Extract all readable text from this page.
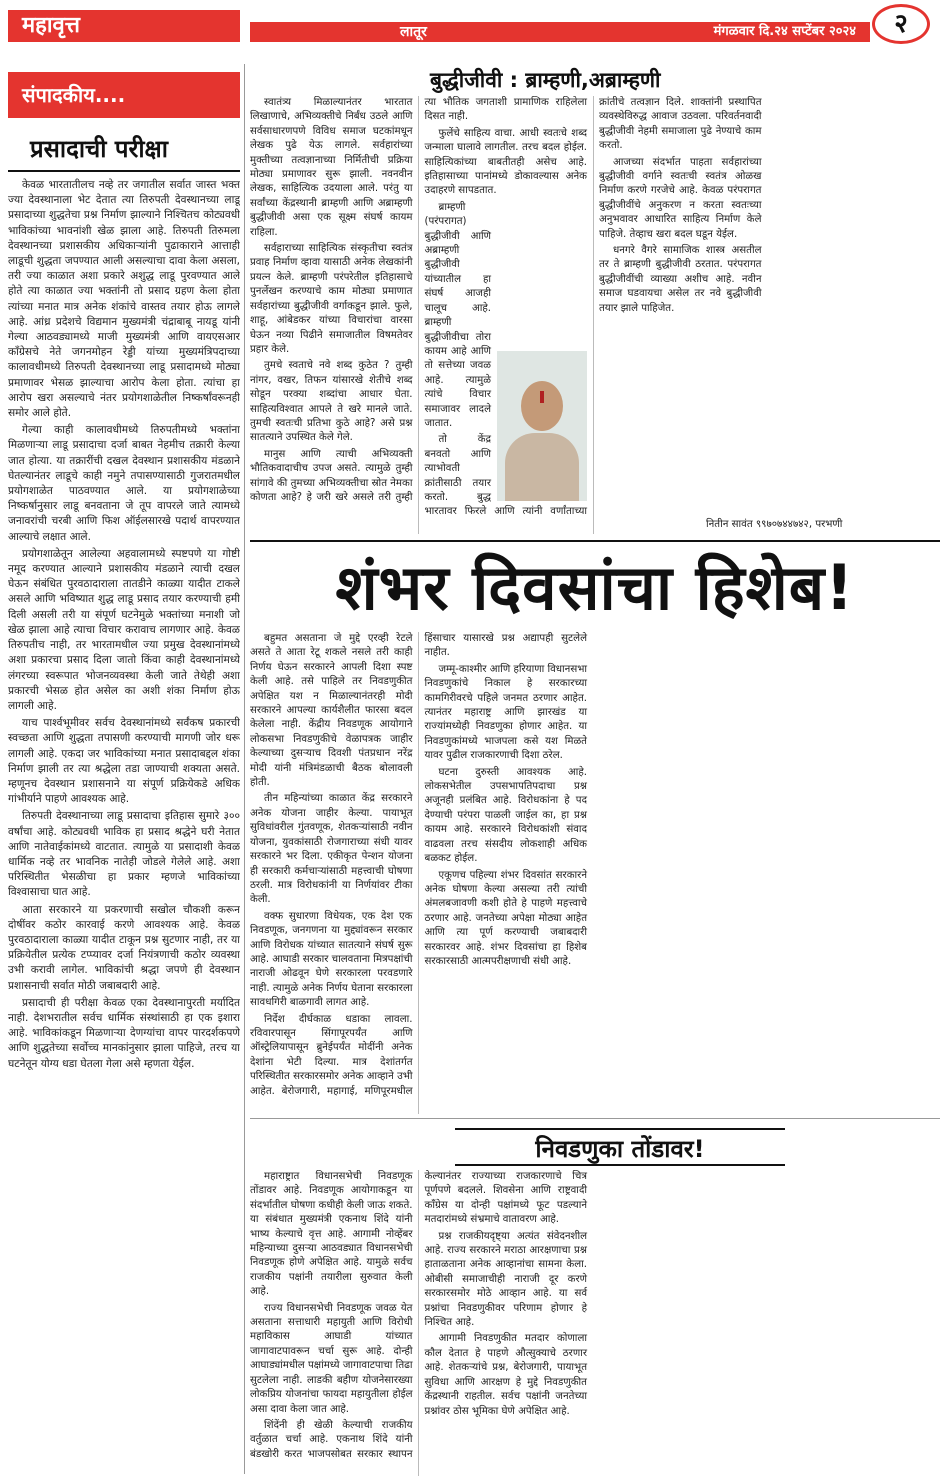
महावृत्त	लातूर	मंगळवार दि.२४ सप्टेंबर २०२४	२
संपादकीय....
प्रसादाची परीक्षा

केवळ भारतातीलच नव्हे तर जगातील सर्वात जास्त भक्त ज्या देवस्थानाला भेट देतात त्या तिरुपती देवस्थानच्या लाडू प्रसादाच्या शुद्धतेचा प्रश्न निर्माण झाल्याने निश्चितच कोट्यवधी भाविकांच्या भावनांशी खेळ झाला आहे. तिरुपती तिरुमला देवस्थानच्या प्रशासकीय अधिकाऱ्यांनी पुढाकाराने आत्ताही लाडूची शुद्धता जपण्यात आली असल्याचा दावा केला असला, तरी ज्या काळात अशा प्रकारे अशुद्ध लाडू पुरवण्यात आले होते त्या काळात ज्या भक्तांनी तो प्रसाद ग्रहण केला होता त्यांच्या मनात मात्र अनेक शंकांचे वास्तव तयार होऊ लागले आहे. आंध्र प्रदेशचे विद्यमान मुख्यमंत्री चंद्राबाबू नायडू यांनी गेल्या आठवड्यामध्ये माजी मुख्यमंत्री आणि वायएसआर काँग्रेसचे नेते जगनमोहन रेड्डी यांच्या मुख्यमंत्रिपदाच्या कालावधीमध्ये तिरुपती देवस्थानच्या लाडू प्रसादामध्ये मोठ्या प्रमाणावर भेसळ झाल्याचा आरोप केला होता. त्यांचा हा आरोप खरा असल्याचे नंतर प्रयोगशाळेतील निष्कर्षांवरूनही समोर आले होते.

गेल्या काही कालावधीमध्ये तिरुपतीमध्ये भक्तांना मिळणाऱ्या लाडू प्रसादाचा दर्जा बाबत नेहमीच तक्रारी केल्या जात होत्या. या तक्रारींची दखल देवस्थान प्रशासकीय मंडळाने घेतल्यानंतर लाडूचे काही नमुने तपासण्यासाठी गुजरातमधील प्रयोगशाळेत पाठवण्यात आले. या प्रयोगशाळेच्या निष्कर्षानुसार लाडू बनवताना जे तूप वापरले जाते त्यामध्ये जनावरांची चरबी आणि फिश ऑईलसारखे पदार्थ वापरण्यात आल्याचे लक्षात आले.

प्रयोगशाळेतून आलेल्या अहवालामध्ये स्पष्टपणे या गोष्टी नमूद करण्यात आल्याने प्रशासकीय मंडळाने त्याची दखल घेऊन संबंधित पुरवठादाराला तातडीने काळ्या यादीत टाकले असले आणि भविष्यात शुद्ध लाडू प्रसाद तयार करण्याची हमी दिली असली तरी या संपूर्ण घटनेमुळे भक्तांच्या मनाशी जो खेळ झाला आहे त्याचा विचार करावाच लागणार आहे. केवळ तिरुपतीच नाही, तर भारतामधील ज्या प्रमुख देवस्थानांमध्ये अशा प्रकारचा प्रसाद दिला जातो किंवा काही देवस्थानांमध्ये लंगरच्या स्वरूपात भोजनव्यवस्था केली जाते तेथेही अशा प्रकारची भेसळ होत असेल का अशी शंका निर्माण होऊ लागली आहे.

याच पार्श्वभूमीवर सर्वच देवस्थानांमध्ये सर्वंकष प्रकारची स्वच्छता आणि शुद्धता तपासणी करण्याची मागणी जोर धरू लागली आहे. एकदा जर भाविकांच्या मनात प्रसादाबद्दल शंका निर्माण झाली तर त्या श्रद्धेला तडा जाण्याची शक्यता असते. म्हणूनच देवस्थान प्रशासनाने या संपूर्ण प्रक्रियेकडे अधिक गांभीर्याने पाहणे आवश्यक आहे.

तिरुपती देवस्थानाच्या लाडू प्रसादाचा इतिहास सुमारे ३०० वर्षांचा आहे. कोट्यवधी भाविक हा प्रसाद श्रद्धेने घरी नेतात आणि नातेवाईकांमध्ये वाटतात. त्यामुळे या प्रसादाशी केवळ धार्मिक नव्हे तर भावनिक नातेही जोडले गेलेले आहे. अशा परिस्थितीत भेसळीचा हा प्रकार म्हणजे भाविकांच्या विश्वासाचा घात आहे.

आता सरकारने या प्रकरणाची सखोल चौकशी करून दोषींवर कठोर कारवाई करणे आवश्यक आहे. केवळ पुरवठादाराला काळ्या यादीत टाकून प्रश्न सुटणार नाही, तर या प्रक्रियेतील प्रत्येक टप्प्यावर दर्जा नियंत्रणाची कठोर व्यवस्था उभी करावी लागेल. भाविकांची श्रद्धा जपणे ही देवस्थान प्रशासनाची सर्वात मोठी जबाबदारी आहे.

प्रसादाची ही परीक्षा केवळ एका देवस्थानापुरती मर्यादित नाही. देशभरातील सर्वच धार्मिक संस्थांसाठी हा एक इशारा आहे. भाविकांकडून मिळणाऱ्या देणग्यांचा वापर पारदर्शकपणे आणि शुद्धतेच्या सर्वोच्च मानकांनुसार झाला पाहिजे, तरच या घटनेतून योग्य धडा घेतला गेला असे म्हणता येईल.

बुद्धीजीवी : ब्राम्हणी,अब्राम्हणी

स्वातंत्र्य मिळाल्यानंतर भारतात लिखाणाचे, अभिव्यक्तीचे निर्बंध उठले आणि सर्वसाधारणपणे विविध समाज घटकांमधून लेखक पुढे येऊ लागले. सर्वहारांच्या मुक्तीच्या तत्वज्ञानाच्या निर्मितीची प्रक्रिया मोठ्या प्रमाणावर सुरू झाली. नवनवीन लेखक, साहित्यिक उदयाला आले. परंतु या सर्वांच्या केंद्रस्थानी ब्राम्हणी आणि अब्राम्हणी बुद्धीजीवी असा एक सूक्ष्म संघर्ष कायम राहिला.

सर्वहाराच्या साहित्यिक संस्कृतीचा स्वतंत्र प्रवाह निर्माण व्हावा यासाठी अनेक लेखकांनी प्रयत्न केले. ब्राम्हणी परंपरेतील इतिहासाचे पुनर्लेखन करण्याचे काम मोठ्या प्रमाणात सर्वहारांच्या बुद्धीजीवी वर्गाकडून झाले. फुले, शाहू, आंबेडकर यांच्या विचारांचा वारसा घेऊन नव्या पिढीने समाजातील विषमतेवर प्रहार केले.

तुमचे स्वताचे नवे शब्द कुठेत ? तुम्ही नांगर, वखर, तिफन यांसारखे शेतीचे शब्द सोडून परक्या शब्दांचा आधार घेता. साहित्यविश्वात आपले ते खरे मानले जाते. तुमची स्वतःची प्रतिभा कुठे आहे? असे प्रश्न सातत्याने उपस्थित केले गेले.

मानुस आणि त्याची अभिव्यक्ती भौतिकवादाचीच उपज असते. त्यामुळे तुम्ही सांगावे की तुमच्या अभिव्यक्तीचा स्रोत नेमका कोणता आहे? हे जरी खरे असले तरी तुम्ही त्या भौतिक जगताशी प्रामाणिक राहिलेला दिसत नाही.

फुलेंचे साहित्य वाचा. आधी स्वतःचे शब्द जन्माला घालावे लागतील. तरच बदल होईल. साहित्यिकांच्या बाबतीतही असेच आहे. इतिहासाच्या पानांमध्ये डोकावल्यास अनेक उदाहरणे सापडतात.

ब्राम्हणी (परंपरागत) बुद्धीजीवी आणि अब्राम्हणी बुद्धीजीवी यांच्यातील हा संघर्ष आजही चालूच आहे. ब्राम्हणी बुद्धीजीवीचा तोरा कायम आहे आणि तो सत्तेच्या जवळ आहे. त्यामुळे त्यांचे विचार समाजावर लादले जातात.

तो केंद्र बनवतो आणि त्याभोवती क्रांतीसाठी तयार करतो. बुद्ध भारतावर फिरले आणि त्यांनी वर्णांताच्या क्रांतीचे तत्वज्ञान दिले. शाक्तांनी प्रस्थापित व्यवस्थेविरुद्ध आवाज उठवला. परिवर्तनवादी बुद्धीजीवी नेहमी समाजाला पुढे नेण्याचे काम करतो.

आजच्या संदर्भात पाहता सर्वहारांच्या बुद्धीजीवी वर्गाने स्वतःची स्वतंत्र ओळख निर्माण करणे गरजेचे आहे. केवळ परंपरागत बुद्धीजीवींचे अनुकरण न करता स्वतःच्या अनुभवावर आधारित साहित्य निर्माण केले पाहिजे. तेव्हाच खरा बदल घडून येईल.

धनगरे वैगरे सामाजिक शास्त्र असतील तर ते ब्राम्हणी बुद्धीजीवी ठरतात. परंपरागत बुद्धीजीवींची व्याख्या अशीच आहे. नवीन समाज घडवायचा असेल तर नवे बुद्धीजीवी तयार झाले पाहिजेत.

नितीन सावंत ९९७०७४४७४२, परभणी
शंभर दिवसांचा हिशेब!

बहुमत असताना जे मुद्दे एरव्ही रेटले असते ते आता रेटू शकले नसले तरी काही निर्णय घेऊन सरकारने आपली दिशा स्पष्ट केली आहे. तसे पाहिले तर निवडणुकीत अपेक्षित यश न मिळाल्यानंतरही मोदी सरकारने आपल्या कार्यशैलीत फारसा बदल केलेला नाही. केंद्रीय निवडणूक आयोगाने लोकसभा निवडणुकीचे वेळापत्रक जाहीर केल्याच्या दुसऱ्याच दिवशी पंतप्रधान नरेंद्र मोदी यांनी मंत्रिमंडळाची बैठक बोलावली होती.

तीन महिन्यांच्या काळात केंद्र सरकारने अनेक योजना जाहीर केल्या. पायाभूत सुविधांवरील गुंतवणूक, शेतकऱ्यांसाठी नवीन योजना, युवकांसाठी रोजगाराच्या संधी यावर सरकारने भर दिला. एकीकृत पेन्शन योजना ही सरकारी कर्मचाऱ्यांसाठी महत्त्वाची घोषणा ठरली. मात्र विरोधकांनी या निर्णयांवर टीका केली.

वक्फ सुधारणा विधेयक, एक देश एक निवडणूक, जनगणना या मुद्द्यांवरून सरकार आणि विरोधक यांच्यात सातत्याने संघर्ष सुरू आहे. आघाडी सरकार चालवताना मित्रपक्षांची नाराजी ओढवून घेणे सरकारला परवडणारे नाही. त्यामुळे अनेक निर्णय घेताना सरकारला सावधगिरी बाळगावी लागत आहे.

निर्देश दीर्घकाळ धडाका लावला. रविवारपासून सिंगापूरपर्यंत आणि ऑस्ट्रेलियापासून ब्रुनेईपर्यंत मोदींनी अनेक देशांना भेटी दिल्या. मात्र देशांतर्गत परिस्थितीत सरकारसमोर अनेक आव्हाने उभी आहेत. बेरोजगारी, महागाई, मणिपूरमधील हिंसाचार यासारखे प्रश्न अद्यापही सुटलेले नाहीत.

जम्मू-काश्मीर आणि हरियाणा विधानसभा निवडणुकांचे निकाल हे सरकारच्या कामगिरीवरचे पहिले जनमत ठरणार आहेत. त्यानंतर महाराष्ट्र आणि झारखंड या राज्यांमध्येही निवडणुका होणार आहेत. या निवडणुकांमध्ये भाजपला कसे यश मिळते यावर पुढील राजकारणाची दिशा ठरेल.

घटना दुरुस्ती आवश्यक आहे. लोकसभेतील उपसभापतिपदाचा प्रश्न अजूनही प्रलंबित आहे. विरोधकांना हे पद देण्याची परंपरा पाळली जाईल का, हा प्रश्न कायम आहे. सरकारने विरोधकांशी संवाद वाढवला तरच संसदीय लोकशाही अधिक बळकट होईल.

एकूणच पहिल्या शंभर दिवसांत सरकारने अनेक घोषणा केल्या असल्या तरी त्यांची अंमलबजावणी कशी होते हे पाहणे महत्त्वाचे ठरणार आहे. जनतेच्या अपेक्षा मोठ्या आहेत आणि त्या पूर्ण करण्याची जबाबदारी सरकारवर आहे. शंभर दिवसांचा हा हिशेब सरकारसाठी आत्मपरीक्षणाची संधी आहे.

निवडणुका तोंडावर!

महाराष्ट्रात विधानसभेची निवडणूक तोंडावर आहे. निवडणूक आयोगाकडून या संदर्भातील घोषणा कधीही केली जाऊ शकते. या संबंधात मुख्यमंत्री एकनाथ शिंदे यांनी भाष्य केल्याचे वृत्त आहे. आगामी नोव्हेंबर महिन्याच्या दुसऱ्या आठवड्यात विधानसभेची निवडणूक होणे अपेक्षित आहे. यामुळे सर्वच राजकीय पक्षांनी तयारीला सुरुवात केली आहे.

राज्य विधानसभेची निवडणूक जवळ येत असताना सत्ताधारी महायुती आणि विरोधी महाविकास आघाडी यांच्यात जागावाटपावरून चर्चा सुरू आहे. दोन्ही आघाड्यांमधील पक्षांमध्ये जागावाटपाचा तिढा सुटलेला नाही. लाडकी बहीण योजनेसारख्या लोकप्रिय योजनांचा फायदा महायुतीला होईल असा दावा केला जात आहे.

शिंदेंनी ही खेळी केल्याची राजकीय वर्तुळात चर्चा आहे. एकनाथ शिंदे यांनी बंडखोरी करत भाजपसोबत सरकार स्थापन केल्यानंतर राज्याच्या राजकारणाचे चित्र पूर्णपणे बदलले. शिवसेना आणि राष्ट्रवादी काँग्रेस या दोन्ही पक्षांमध्ये फूट पडल्याने मतदारांमध्ये संभ्रमाचे वातावरण आहे.

प्रश्न राजकीयदृष्ट्या अत्यंत संवेदनशील आहे. राज्य सरकारने मराठा आरक्षणाचा प्रश्न हाताळताना अनेक आव्हानांचा सामना केला. ओबीसी समाजाचीही नाराजी दूर करणे सरकारसमोर मोठे आव्हान आहे. या सर्व प्रश्नांचा निवडणुकीवर परिणाम होणार हे निश्चित आहे.

आगामी निवडणुकीत मतदार कोणाला कौल देतात हे पाहणे औत्सुक्याचे ठरणार आहे. शेतकऱ्यांचे प्रश्न, बेरोजगारी, पायाभूत सुविधा आणि आरक्षण हे मुद्दे निवडणुकीत केंद्रस्थानी राहतील. सर्वच पक्षांनी जनतेच्या प्रश्नांवर ठोस भूमिका घेणे अपेक्षित आहे.
